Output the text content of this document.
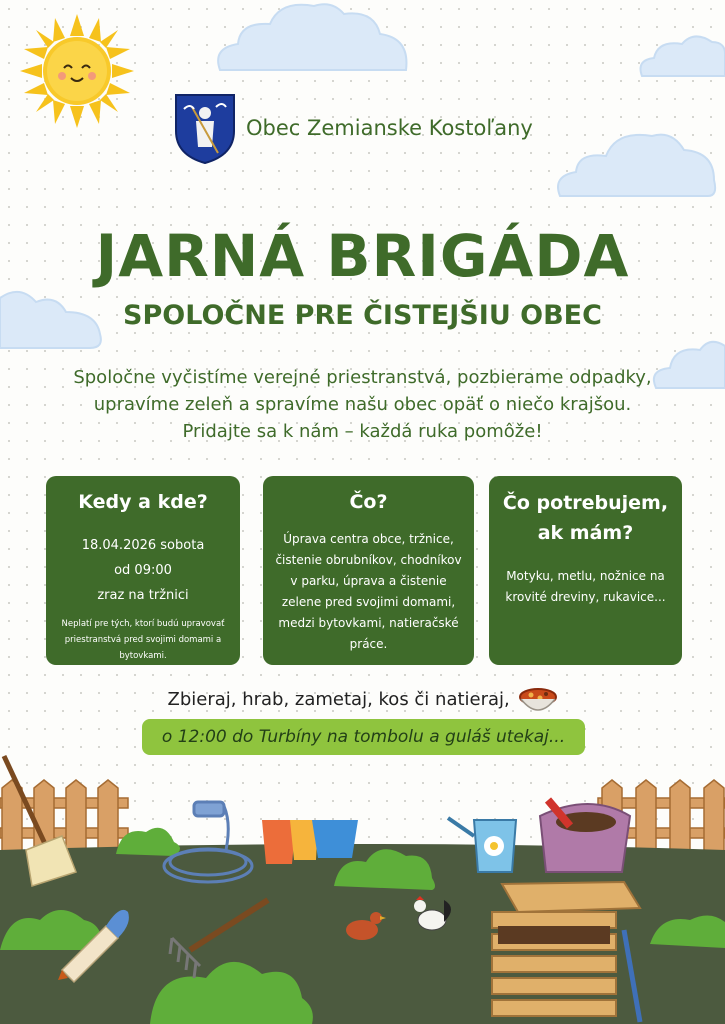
Obec Zemianske Kostoľany
JARNÁ BRIGÁDA
SPOLOČNE PRE ČISTEJŠIU OBEC
Spoločne vyčistíme verejné priestranstvá, pozbierame odpadky,
upravíme zeleň a spravíme našu obec opäť o niečo krajšou.
Pridajte sa k nám – každá ruka pomôže!
Kedy a kde?
18.04.2026 sobota
od 09:00
zraz na tržnici
Neplatí pre tých, ktorí budú upravovať
priestranstvá pred svojimi domami a
bytovkami.
Čo?
Úprava centra obce, tržnice,
čistenie obrubníkov, chodníkov
v parku, úprava a čistenie
zelene pred svojimi domami,
medzi bytovkami, natieračské
práce.
Čo potrebujem,
ak mám?
Motyku, metlu, nožnice na
krovité dreviny, rukavice...
Zbieraj, hrab, zametaj, kos či natieraj,
o 12:00 do Turbíny na tombolu a guláš utekaj...
